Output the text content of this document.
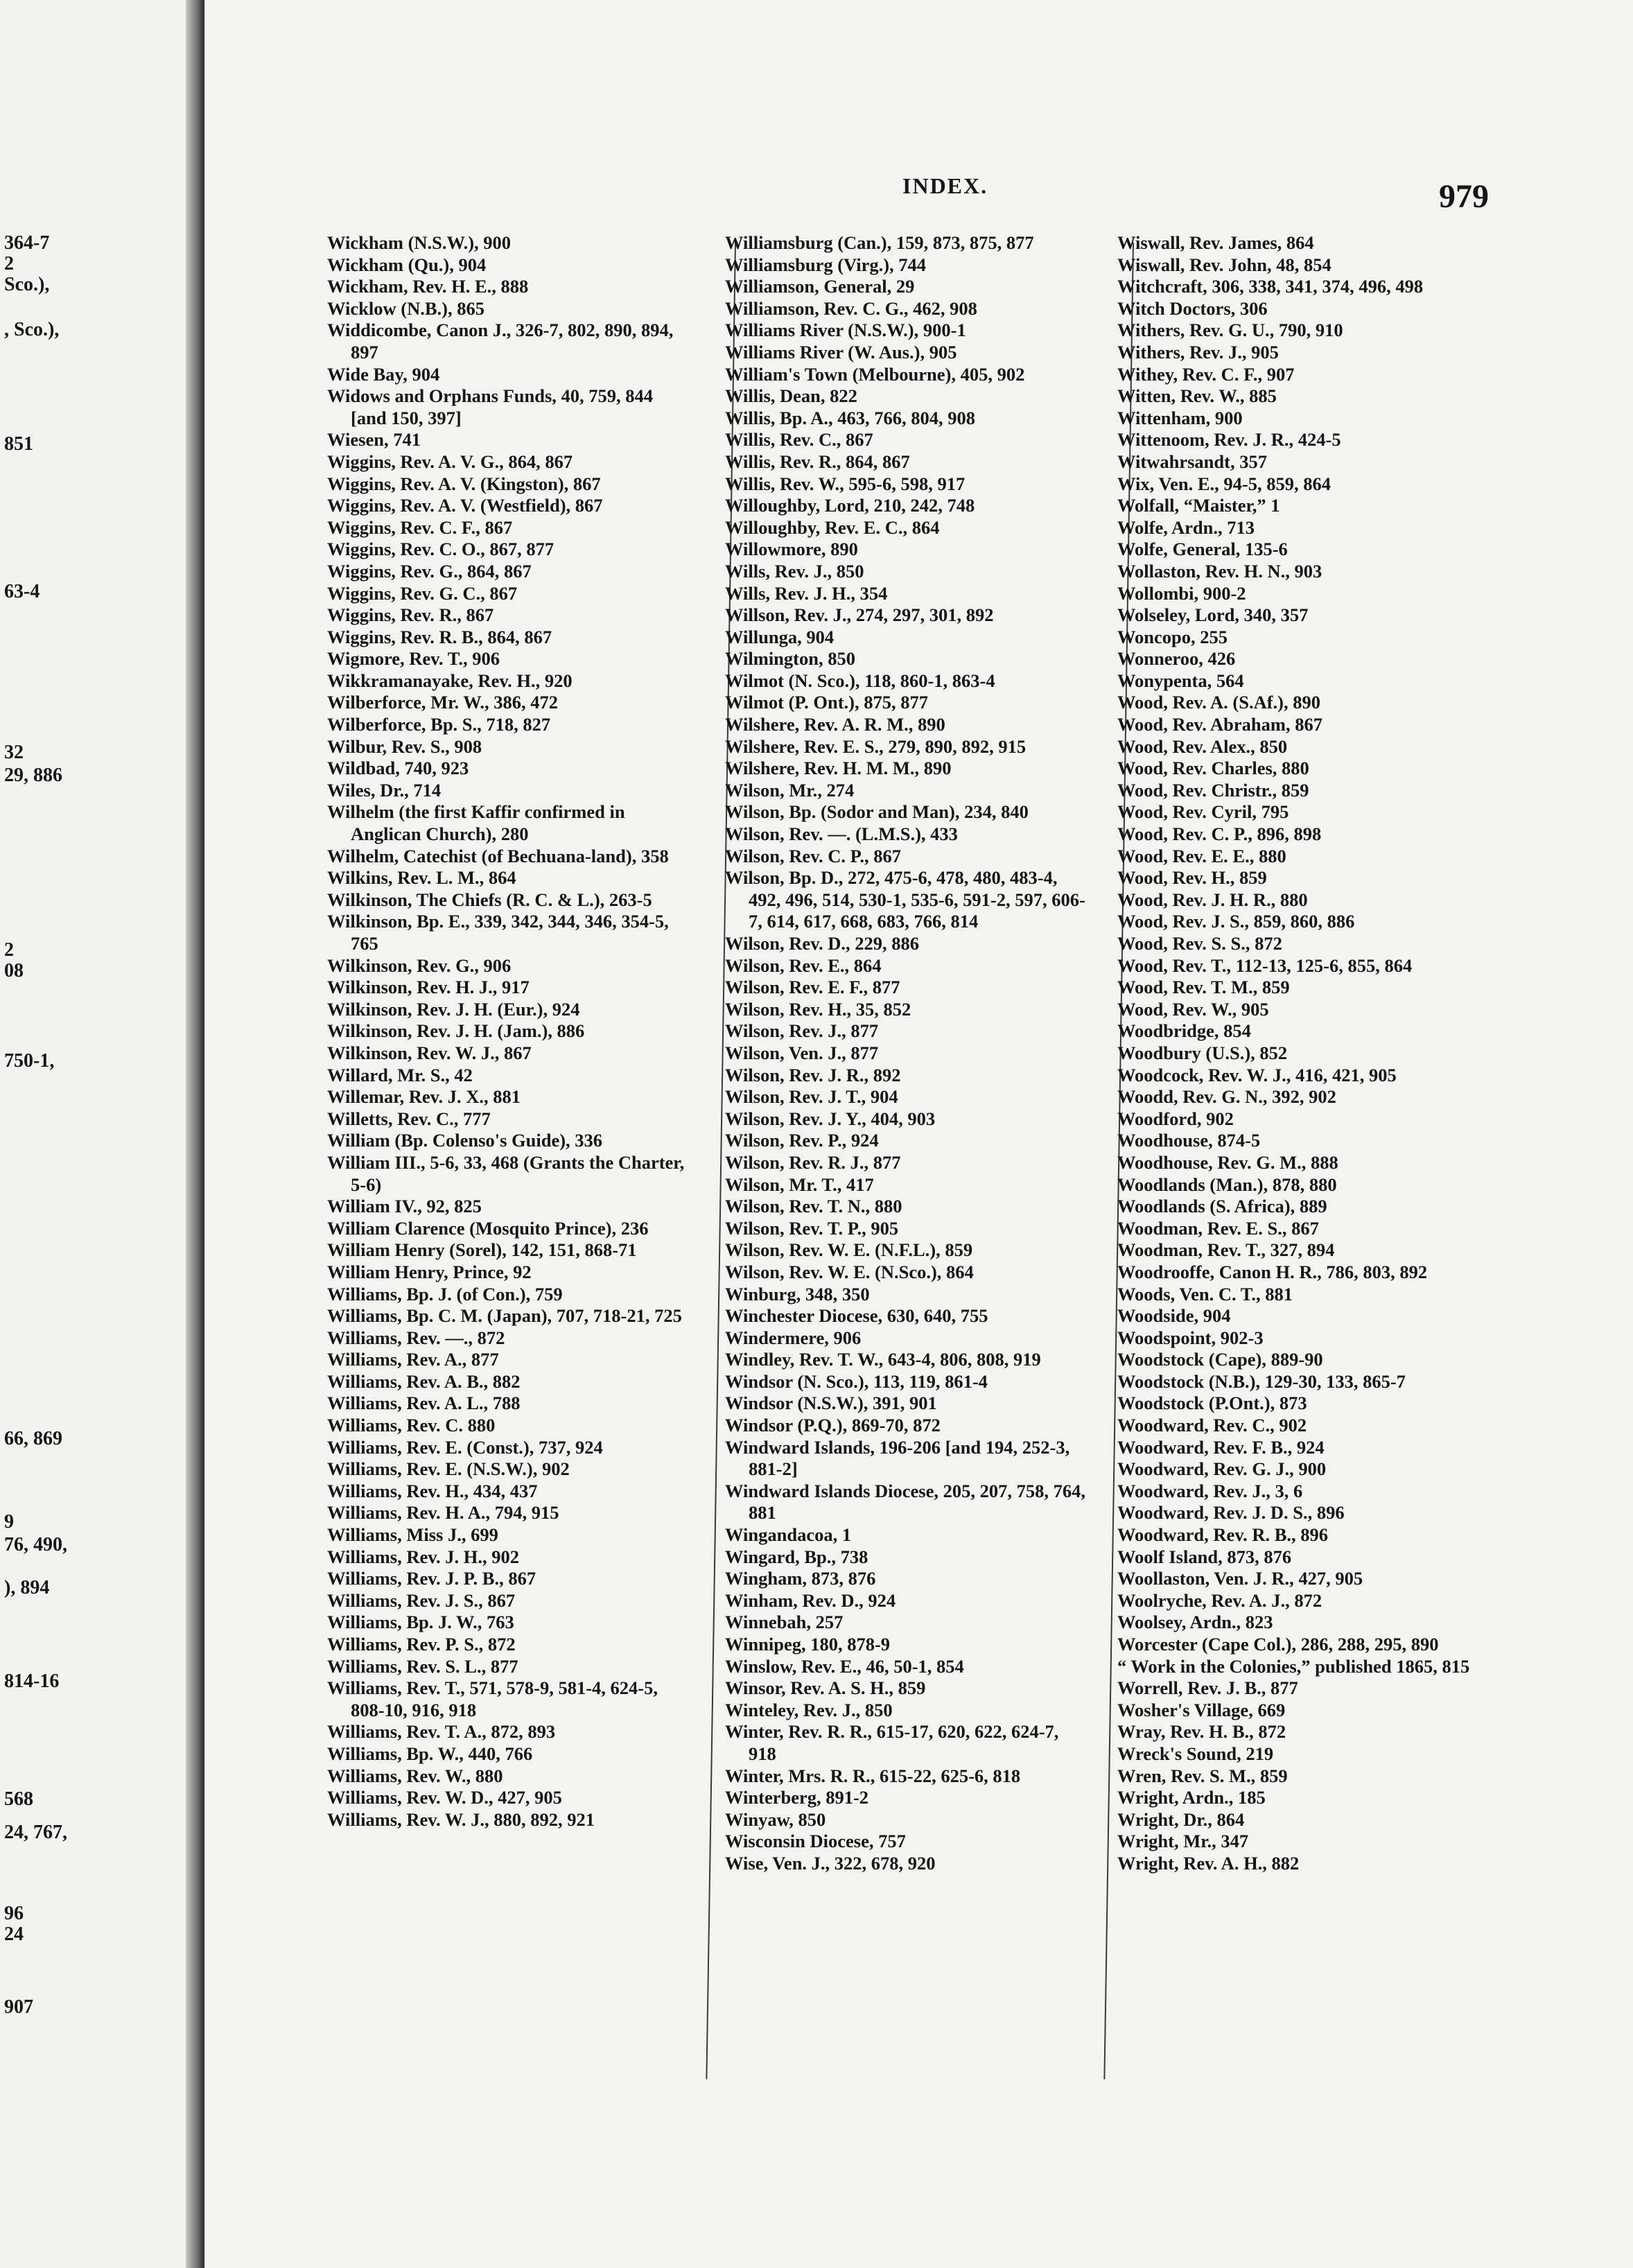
364-7
2
Sco.),
, Sco.),
851
63-4
32
29, 886
2
08
750-1,
66, 869
9
76, 490,
), 894
814-16
568
24, 767,
96
24
907
INDEX.	979
Wickham (N.S.W.), 900
Wickham (Qu.), 904
Wickham, Rev. H. E., 888
Wicklow (N.B.), 865
Widdicombe, Canon J., 326-7, 802, 890, 894, 897
Wide Bay, 904
Widows and Orphans Funds, 40, 759, 844 [and 150, 397]
Wiesen, 741
Wiggins, Rev. A. V. G., 864, 867
Wiggins, Rev. A. V. (Kingston), 867
Wiggins, Rev. A. V. (Westfield), 867
Wiggins, Rev. C. F., 867
Wiggins, Rev. C. O., 867, 877
Wiggins, Rev. G., 864, 867
Wiggins, Rev. G. C., 867
Wiggins, Rev. R., 867
Wiggins, Rev. R. B., 864, 867
Wigmore, Rev. T., 906
Wikkramanayake, Rev. H., 920
Wilberforce, Mr. W., 386, 472
Wilberforce, Bp. S., 718, 827
Wilbur, Rev. S., 908
Wildbad, 740, 923
Wiles, Dr., 714
Wilhelm (the first Kaffir confirmed in Anglican Church), 280
Wilhelm, Catechist (of Bechuana-land), 358
Wilkins, Rev. L. M., 864
Wilkinson, The Chiefs (R. C. & L.), 263-5
Wilkinson, Bp. E., 339, 342, 344, 346, 354-5, 765
Wilkinson, Rev. G., 906
Wilkinson, Rev. H. J., 917
Wilkinson, Rev. J. H. (Eur.), 924
Wilkinson, Rev. J. H. (Jam.), 886
Wilkinson, Rev. W. J., 867
Willard, Mr. S., 42
Willemar, Rev. J. X., 881
Willetts, Rev. C., 777
William (Bp. Colenso's Guide), 336
William III., 5-6, 33, 468 (Grants the Charter, 5-6)
William IV., 92, 825
William Clarence (Mosquito Prince), 236
William Henry (Sorel), 142, 151, 868-71
William Henry, Prince, 92
Williams, Bp. J. (of Con.), 759
Williams, Bp. C. M. (Japan), 707, 718-21, 725
Williams, Rev. —., 872
Williams, Rev. A., 877
Williams, Rev. A. B., 882
Williams, Rev. A. L., 788
Williams, Rev. C. 880
Williams, Rev. E. (Const.), 737, 924
Williams, Rev. E. (N.S.W.), 902
Williams, Rev. H., 434, 437
Williams, Rev. H. A., 794, 915
Williams, Miss J., 699
Williams, Rev. J. H., 902
Williams, Rev. J. P. B., 867
Williams, Rev. J. S., 867
Williams, Bp. J. W., 763
Williams, Rev. P. S., 872
Williams, Rev. S. L., 877
Williams, Rev. T., 571, 578-9, 581-4, 624-5, 808-10, 916, 918
Williams, Rev. T. A., 872, 893
Williams, Bp. W., 440, 766
Williams, Rev. W., 880
Williams, Rev. W. D., 427, 905
Williams, Rev. W. J., 880, 892, 921
Williamsburg (Can.), 159, 873, 875, 877
Williamsburg (Virg.), 744
Williamson, General, 29
Williamson, Rev. C. G., 462, 908
Williams River (N.S.W.), 900-1
Williams River (W. Aus.), 905
William's Town (Melbourne), 405, 902
Willis, Dean, 822
Willis, Bp. A., 463, 766, 804, 908
Willis, Rev. C., 867
Willis, Rev. R., 864, 867
Willis, Rev. W., 595-6, 598, 917
Willoughby, Lord, 210, 242, 748
Willoughby, Rev. E. C., 864
Willowmore, 890
Wills, Rev. J., 850
Wills, Rev. J. H., 354
Willson, Rev. J., 274, 297, 301, 892
Willunga, 904
Wilmington, 850
Wilmot (N. Sco.), 118, 860-1, 863-4
Wilmot (P. Ont.), 875, 877
Wilshere, Rev. A. R. M., 890
Wilshere, Rev. E. S., 279, 890, 892, 915
Wilshere, Rev. H. M. M., 890
Wilson, Mr., 274
Wilson, Bp. (Sodor and Man), 234, 840
Wilson, Rev. —. (L.M.S.), 433
Wilson, Rev. C. P., 867
Wilson, Bp. D., 272, 475-6, 478, 480, 483-4, 492, 496, 514, 530-1, 535-6, 591-2, 597, 606-7, 614, 617, 668, 683, 766, 814
Wilson, Rev. D., 229, 886
Wilson, Rev. E., 864
Wilson, Rev. E. F., 877
Wilson, Rev. H., 35, 852
Wilson, Rev. J., 877
Wilson, Ven. J., 877
Wilson, Rev. J. R., 892
Wilson, Rev. J. T., 904
Wilson, Rev. J. Y., 404, 903
Wilson, Rev. P., 924
Wilson, Rev. R. J., 877
Wilson, Mr. T., 417
Wilson, Rev. T. N., 880
Wilson, Rev. T. P., 905
Wilson, Rev. W. E. (N.F.L.), 859
Wilson, Rev. W. E. (N.Sco.), 864
Winburg, 348, 350
Winchester Diocese, 630, 640, 755
Windermere, 906
Windley, Rev. T. W., 643-4, 806, 808, 919
Windsor (N. Sco.), 113, 119, 861-4
Windsor (N.S.W.), 391, 901
Windsor (P.Q.), 869-70, 872
Windward Islands, 196-206 [and 194, 252-3, 881-2]
Windward Islands Diocese, 205, 207, 758, 764, 881
Wingandacoa, 1
Wingard, Bp., 738
Wingham, 873, 876
Winham, Rev. D., 924
Winnebah, 257
Winnipeg, 180, 878-9
Winslow, Rev. E., 46, 50-1, 854
Winsor, Rev. A. S. H., 859
Winteley, Rev. J., 850
Winter, Rev. R. R., 615-17, 620, 622, 624-7, 918
Winter, Mrs. R. R., 615-22, 625-6, 818
Winterberg, 891-2
Winyaw, 850
Wisconsin Diocese, 757
Wise, Ven. J., 322, 678, 920
Wiswall, Rev. James, 864
Wiswall, Rev. John, 48, 854
Witchcraft, 306, 338, 341, 374, 496, 498
Witch Doctors, 306
Withers, Rev. G. U., 790, 910
Withers, Rev. J., 905
Withey, Rev. C. F., 907
Witten, Rev. W., 885
Wittenham, 900
Wittenoom, Rev. J. R., 424-5
Witwahrsandt, 357
Wix, Ven. E., 94-5, 859, 864
Wolfall, “Maister,” 1
Wolfe, Ardn., 713
Wolfe, General, 135-6
Wollaston, Rev. H. N., 903
Wollombi, 900-2
Wolseley, Lord, 340, 357
Woncopo, 255
Wonneroo, 426
Wonypenta, 564
Wood, Rev. A. (S.Af.), 890
Wood, Rev. Abraham, 867
Wood, Rev. Alex., 850
Wood, Rev. Charles, 880
Wood, Rev. Christr., 859
Wood, Rev. Cyril, 795
Wood, Rev. C. P., 896, 898
Wood, Rev. E. E., 880
Wood, Rev. H., 859
Wood, Rev. J. H. R., 880
Wood, Rev. J. S., 859, 860, 886
Wood, Rev. S. S., 872
Wood, Rev. T., 112-13, 125-6, 855, 864
Wood, Rev. T. M., 859
Wood, Rev. W., 905
Woodbridge, 854
Woodbury (U.S.), 852
Woodcock, Rev. W. J., 416, 421, 905
Woodd, Rev. G. N., 392, 902
Woodford, 902
Woodhouse, 874-5
Woodhouse, Rev. G. M., 888
Woodlands (Man.), 878, 880
Woodlands (S. Africa), 889
Woodman, Rev. E. S., 867
Woodman, Rev. T., 327, 894
Woodrooffe, Canon H. R., 786, 803, 892
Woods, Ven. C. T., 881
Woodside, 904
Woodspoint, 902-3
Woodstock (Cape), 889-90
Woodstock (N.B.), 129-30, 133, 865-7
Woodstock (P.Ont.), 873
Woodward, Rev. C., 902
Woodward, Rev. F. B., 924
Woodward, Rev. G. J., 900
Woodward, Rev. J., 3, 6
Woodward, Rev. J. D. S., 896
Woodward, Rev. R. B., 896
Woolf Island, 873, 876
Woollaston, Ven. J. R., 427, 905
Woolryche, Rev. A. J., 872
Woolsey, Ardn., 823
Worcester (Cape Col.), 286, 288, 295, 890
“ Work in the Colonies,” published 1865, 815
Worrell, Rev. J. B., 877
Wosher's Village, 669
Wray, Rev. H. B., 872
Wreck's Sound, 219
Wren, Rev. S. M., 859
Wright, Ardn., 185
Wright, Dr., 864
Wright, Mr., 347
Wright, Rev. A. H., 882
